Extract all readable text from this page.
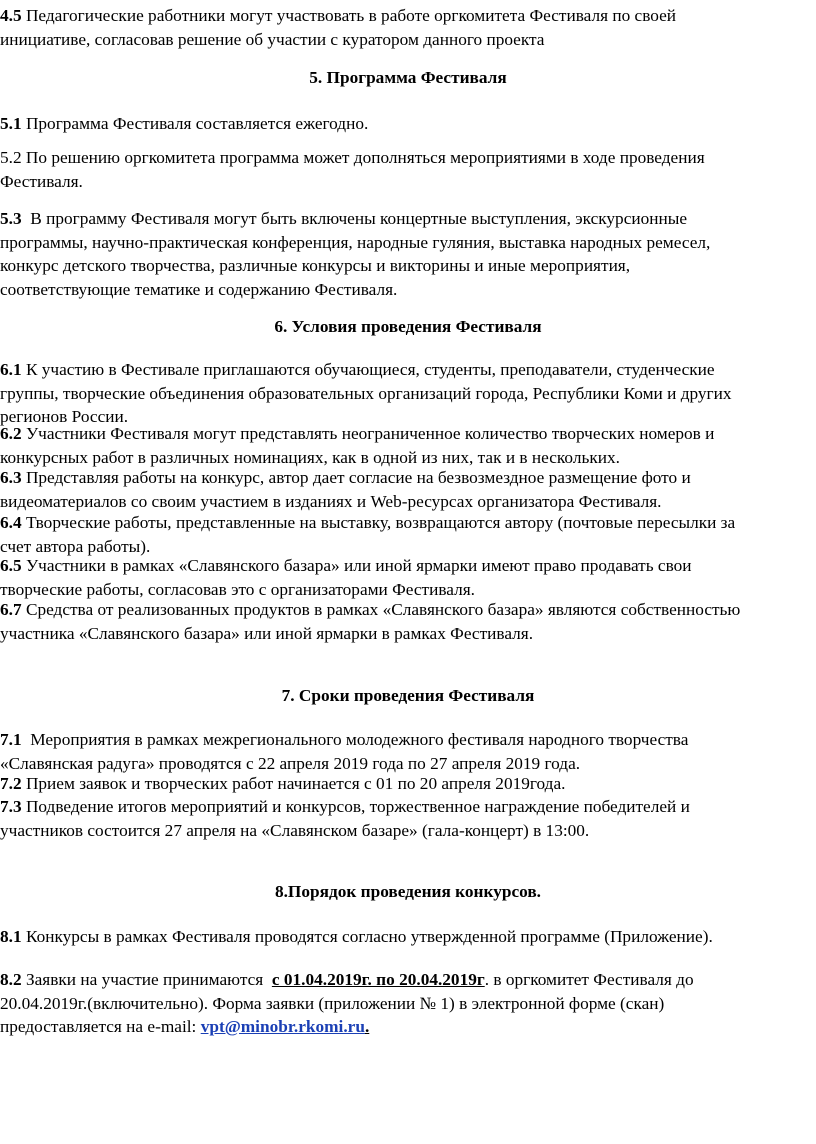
4.5 Педагогические работники могут участвовать в работе оргкомитета Фестиваля по своей
инициативе, согласовав решение об участии с куратором данного проекта
5. Программа Фестиваля
5.1 Программа Фестиваля составляется ежегодно.
5.2 По решению оргкомитета программа может дополняться мероприятиями в ходе проведения
Фестиваля.
5.3 В программу Фестиваля могут быть включены концертные выступления, экскурсионные
программы, научно-практическая конференция, народные гуляния, выставка народных ремесел,
конкурс детского творчества, различные конкурсы и викторины и иные мероприятия,
соответствующие тематике и содержанию Фестиваля.
6. Условия проведения Фестиваля
6.1 К участию в Фестивале приглашаются обучающиеся, студенты, преподаватели, студенческие
группы, творческие объединения образовательных организаций города, Республики Коми и других
регионов России.
6.2 Участники Фестиваля могут представлять неограниченное количество творческих номеров и
конкурсных работ в различных номинациях, как в одной из них, так и в нескольких.
6.3 Представляя работы на конкурс, автор дает согласие на безвозмездное размещение фото и
видеоматериалов со своим участием в изданиях и Web-ресурсах организатора Фестиваля.
6.4 Творческие работы, представленные на выставку, возвращаются автору (почтовые пересылки за
счет автора работы).
6.5 Участники в рамках «Славянского базара» или иной ярмарки имеют право продавать свои
творческие работы, согласовав это с организаторами Фестиваля.
6.7 Средства от реализованных продуктов в рамках «Славянского базара» являются собственностью
участника «Славянского базара» или иной ярмарки в рамках Фестиваля.
7. Сроки проведения Фестиваля
7.1 Мероприятия в рамках межрегионального молодежного фестиваля народного творчества
«Славянская радуга» проводятся с 22 апреля 2019 года по 27 апреля 2019 года.
7.2 Прием заявок и творческих работ начинается с 01 по 20 апреля 2019года.
7.3 Подведение итогов мероприятий и конкурсов, торжественное награждение победителей и
участников состоится 27 апреля на «Славянском базаре» (гала-концерт) в 13:00.
8.Порядок проведения конкурсов.
8.1 Конкурсы в рамках Фестиваля проводятся согласно утвержденной программе (Приложение).
8.2 Заявки на участие принимаются с 01.04.2019г. по 20.04.2019г. в оргкомитет Фестиваля до
20.04.2019г.(включительно). Форма заявки (приложении № 1) в электронной форме (скан)
предоставляется на e-mail: vpt@minobr.rkomi.ru.
